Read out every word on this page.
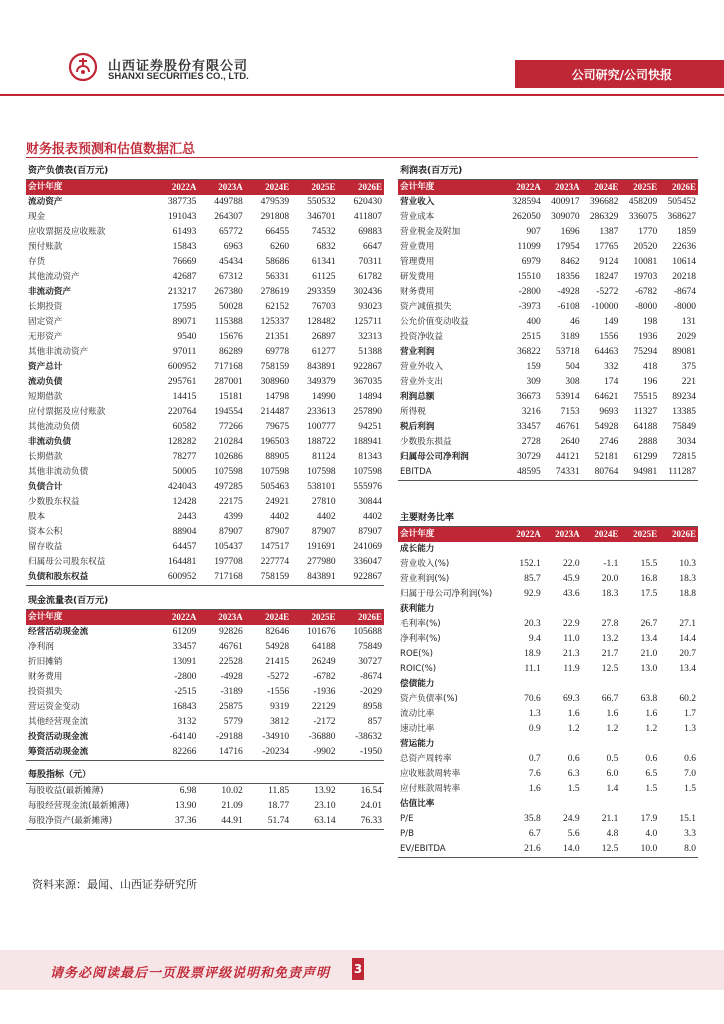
山西证券股份有限公司
SHANXI SECURITIES CO., LTD.	公司研究/公司快报
财务报表预测和估值数据汇总
资产负债表(百万元)					
会计年度	2022A	2023A	2024E	2025E	2026E
流动资产	387735	449788	479539	550532	620430
现金	191043	264307	291808	346701	411807
应收票据及应收账款	61493	65772	66455	74532	69883
预付账款	15843	6963	6260	6832	6647
存货	76669	45434	58686	61341	70311
其他流动资产	42687	67312	56331	61125	61782
非流动资产	213217	267380	278619	293359	302436
长期投资	17595	50028	62152	76703	93023
固定资产	89071	115388	125337	128482	125711
无形资产	9540	15676	21351	26897	32313
其他非流动资产	97011	86289	69778	61277	51388
资产总计	600952	717168	758159	843891	922867
流动负债	295761	287001	308960	349379	367035
短期借款	14415	15181	14798	14990	14894
应付票据及应付账款	220764	194554	214487	233613	257890
其他流动负债	60582	77266	79675	100777	94251
非流动负债	128282	210284	196503	188722	188941
长期借款	78277	102686	88905	81124	81343
其他非流动负债	50005	107598	107598	107598	107598
负债合计	424043	497285	505463	538101	555976
少数股东权益	12428	22175	24921	27810	30844
股本	2443	4399	4402	4402	4402
资本公积	88904	87907	87907	87907	87907
留存收益	64457	105437	147517	191691	241069
归属母公司股东权益	164481	197708	227774	277980	336047
负债和股东权益	600952	717168	758159	843891	922867

现金流量表(百万元)					
会计年度	2022A	2023A	2024E	2025E	2026E
经营活动现金流	61209	92826	82646	101676	105688
净利润	33457	46761	54928	64188	75849
折旧摊销	13091	22528	21415	26249	30727
财务费用	-2800	-4928	-5272	-6782	-8674
投资损失	-2515	-3189	-1556	-1936	-2029
营运资金变动	16843	25875	9319	22129	8958
其他经营现金流	3132	5779	3812	-2172	857
投资活动现金流	-64140	-29188	-34910	-36880	-38632
筹资活动现金流	82266	14716	-20234	-9902	-1950

每股指标（元）					
每股收益(最新摊薄)	6.98	10.02	11.85	13.92	16.54
每股经营现金流(最新摊薄)	13.90	21.09	18.77	23.10	24.01
每股净资产(最新摊薄)	37.36	44.91	51.74	63.14	76.33
利润表(百万元)					
会计年度	2022A	2023A	2024E	2025E	2026E
营业收入	328594	400917	396682	458209	505452
营业成本	262050	309070	286329	336075	368627
营业税金及附加	907	1696	1387	1770	1859
营业费用	11099	17954	17765	20520	22636
管理费用	6979	8462	9124	10081	10614
研发费用	15510	18356	18247	19703	20218
财务费用	-2800	-4928	-5272	-6782	-8674
资产减值损失	-3973	-6108	-10000	-8000	-8000
公允价值变动收益	400	46	149	198	131
投资净收益	2515	3189	1556	1936	2029
营业利润	36822	53718	64463	75294	89081
营业外收入	159	504	332	418	375
营业外支出	309	308	174	196	221
利润总额	36673	53914	64621	75515	89234
所得税	3216	7153	9693	11327	13385
税后利润	33457	46761	54928	64188	75849
少数股东损益	2728	2640	2746	2888	3034
归属母公司净利润	30729	44121	52181	61299	72815
EBITDA	48595	74331	80764	94981	111287

主要财务比率					
会计年度	2022A	2023A	2024E	2025E	2026E
成长能力					
营业收入(%)	152.1	22.0	-1.1	15.5	10.3
营业利润(%)	85.7	45.9	20.0	16.8	18.3
归属于母公司净利润(%)	92.9	43.6	18.3	17.5	18.8
获利能力					
毛利率(%)	20.3	22.9	27.8	26.7	27.1
净利率(%)	9.4	11.0	13.2	13.4	14.4
ROE(%)	18.9	21.3	21.7	21.0	20.7
ROIC(%)	11.1	11.9	12.5	13.0	13.4
偿债能力					
资产负债率(%)	70.6	69.3	66.7	63.8	60.2
流动比率	1.3	1.6	1.6	1.6	1.7
速动比率	0.9	1.2	1.2	1.2	1.3
营运能力					
总资产周转率	0.7	0.6	0.5	0.6	0.6
应收账款周转率	7.6	6.3	6.0	6.5	7.0
应付账款周转率	1.6	1.5	1.4	1.5	1.5
估值比率					
P/E	35.8	24.9	21.1	17.9	15.1
P/B	6.7	5.6	4.8	4.0	3.3
EV/EBITDA	21.6	14.0	12.5	10.0	8.0
资料来源：最闻、山西证券研究所
请务必阅读最后一页股票评级说明和免责声明 3
